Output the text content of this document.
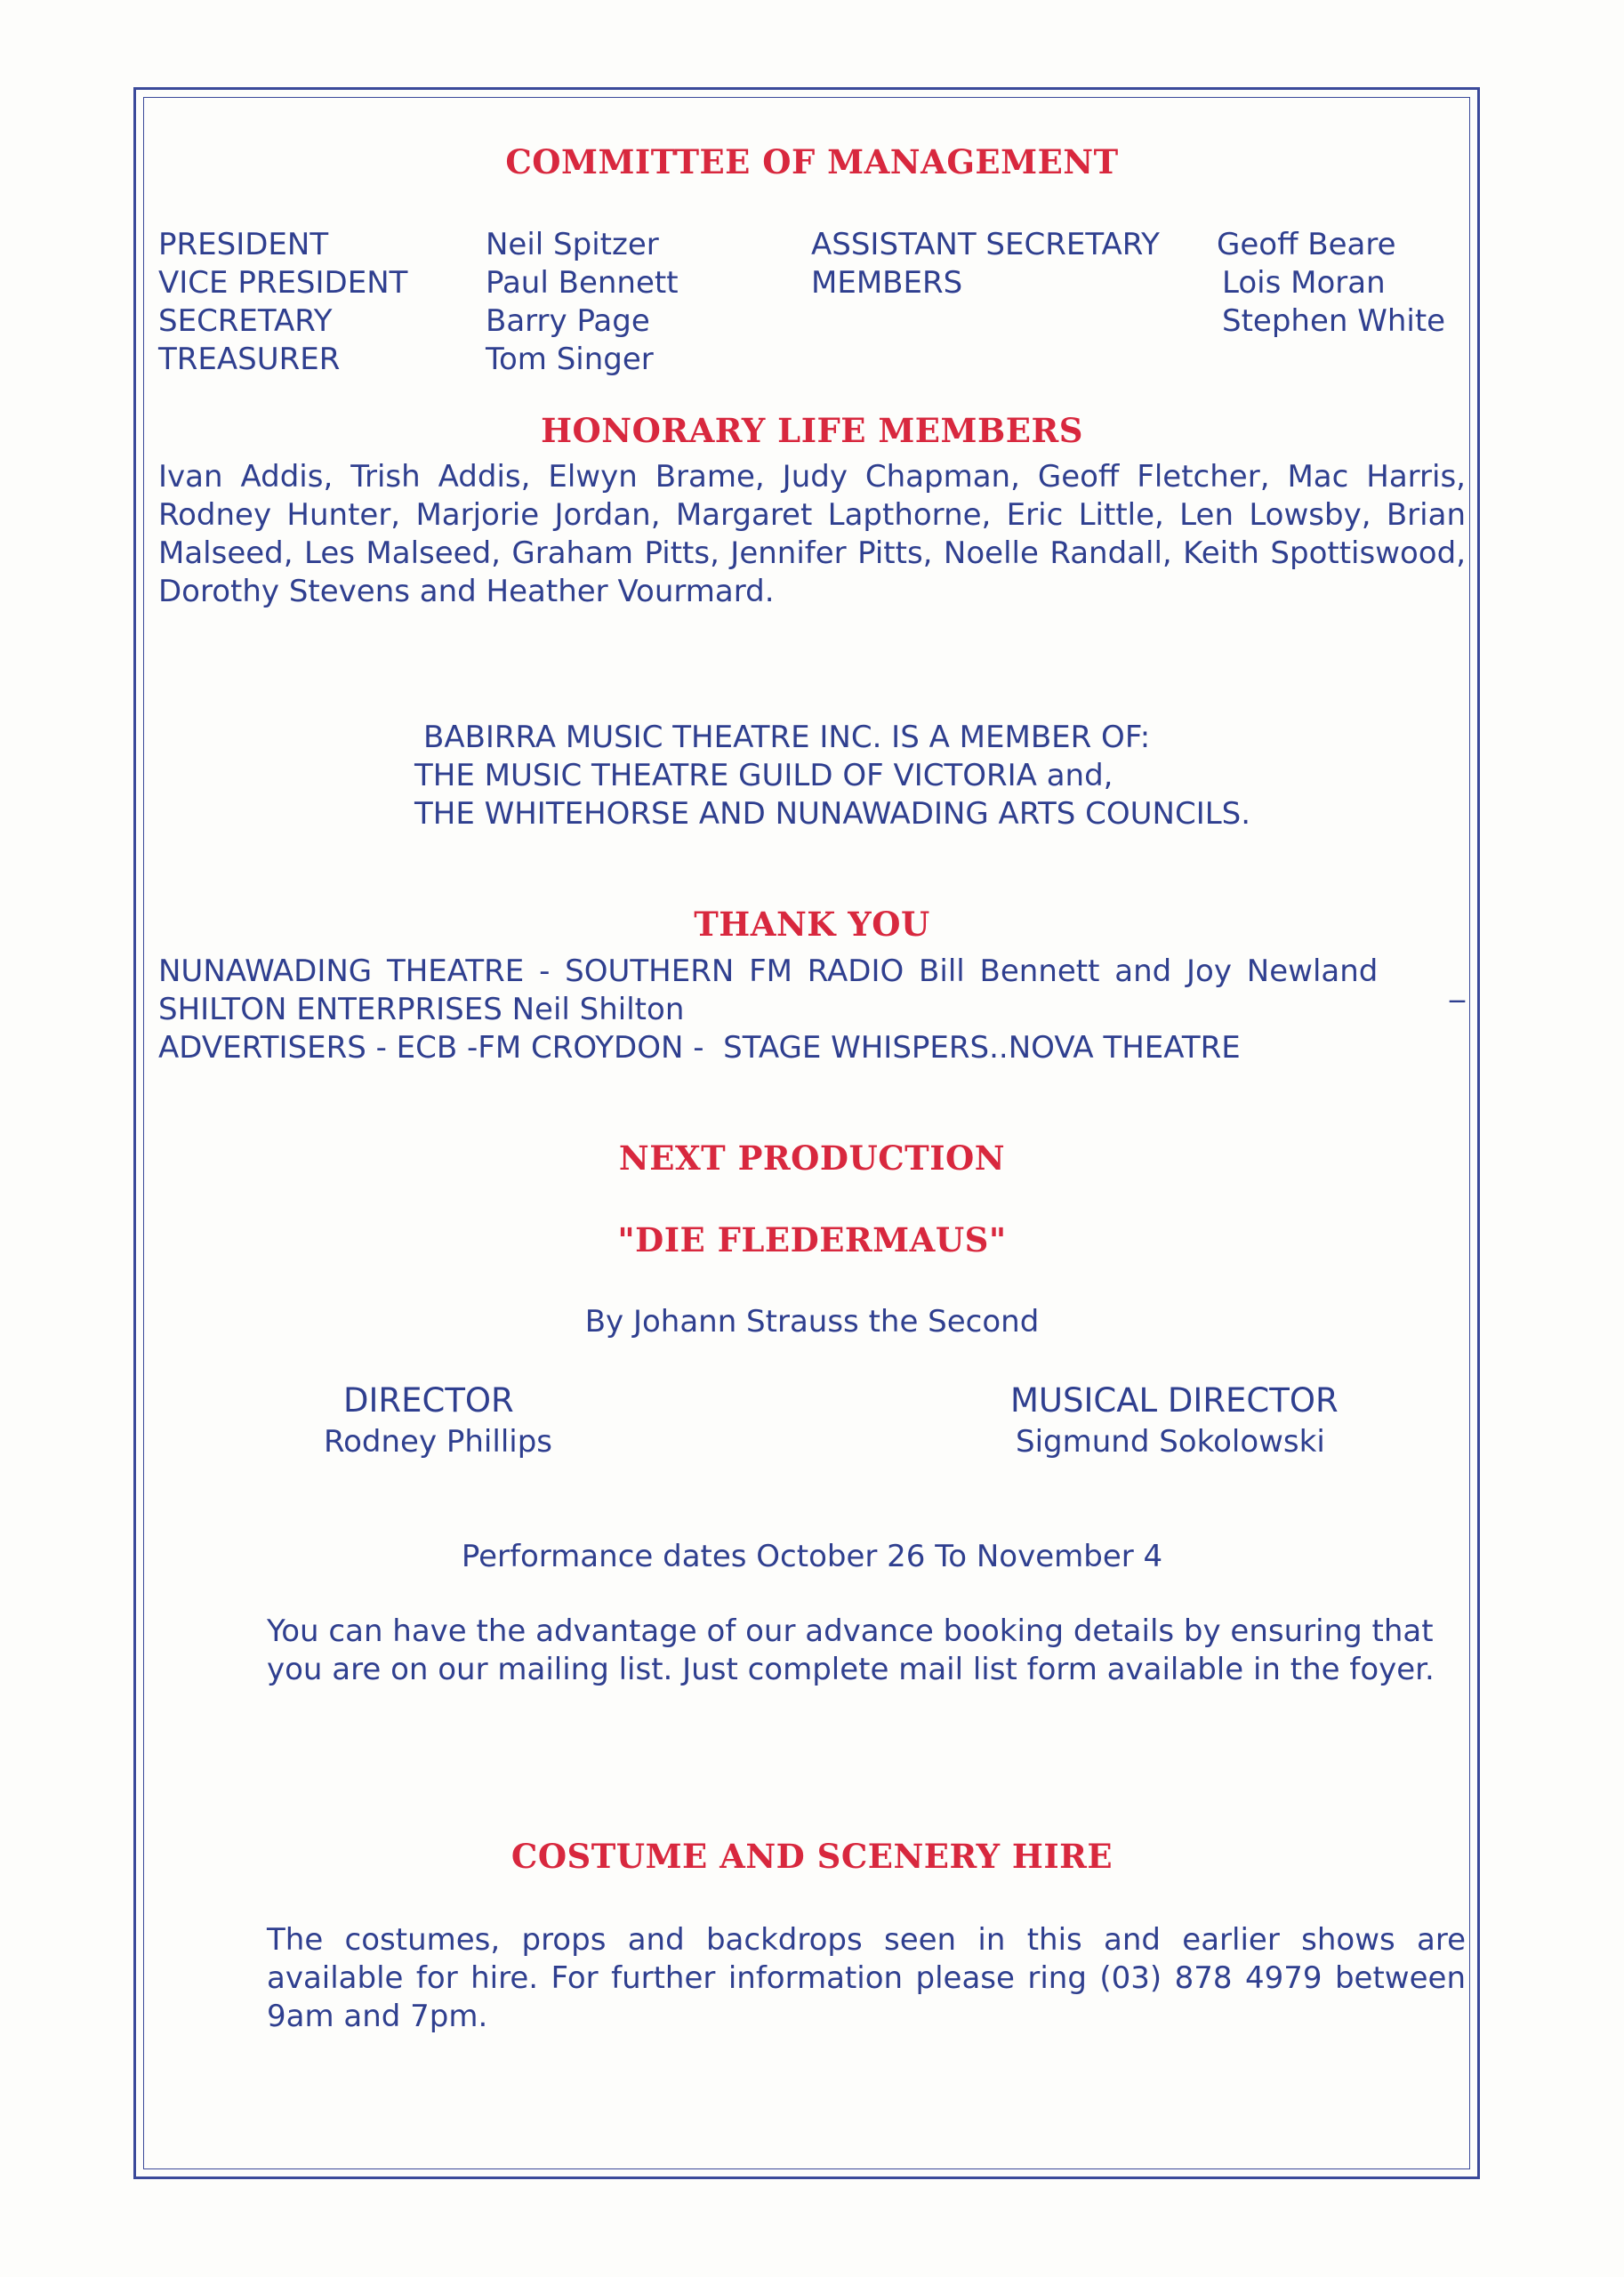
COMMITTEE OF MANAGEMENT
PRESIDENT
VICE PRESIDENT
SECRETARY
TREASURER
Neil Spitzer
Paul Bennett
Barry Page
Tom Singer
ASSISTANT SECRETARY
MEMBERS
Geoff Beare
Lois Moran
Stephen White
HONORARY LIFE MEMBERS
Ivan Addis, Trish Addis, Elwyn Brame, Judy Chapman, Geoff Fletcher, Mac Harris, Rodney Hunter, Marjorie Jordan, Margaret Lapthorne, Eric Little, Len Lowsby, Brian Malseed, Les Malseed, Graham Pitts, Jennifer Pitts, Noelle Randall, Keith Spottiswood, Dorothy Stevens and Heather Vourmard.
BABIRRA MUSIC THEATRE INC. IS A MEMBER OF:
THE MUSIC THEATRE GUILD OF VICTORIA and,
THE WHITEHORSE AND NUNAWADING ARTS COUNCILS.
THANK YOU
NUNAWADING THEATRE - SOUTHERN FM RADIO Bill Bennett and Joy Newland _
SHILTON ENTERPRISES Neil Shilton
ADVERTISERS - ECB -FM CROYDON -  STAGE WHISPERS..NOVA THEATRE
NEXT PRODUCTION
"DIE FLEDERMAUS"
By Johann Strauss the Second
DIRECTOR
Rodney Phillips
MUSICAL DIRECTOR
Sigmund Sokolowski
Performance dates October 26 To November 4
You can have the advantage of our advance booking details by ensuring that you are on our mailing list. Just complete mail list form available in the foyer.
COSTUME AND SCENERY HIRE
The costumes, props and backdrops seen in this and earlier shows are available for hire. For further information please ring (03) 878 4979 between 9am and 7pm.
